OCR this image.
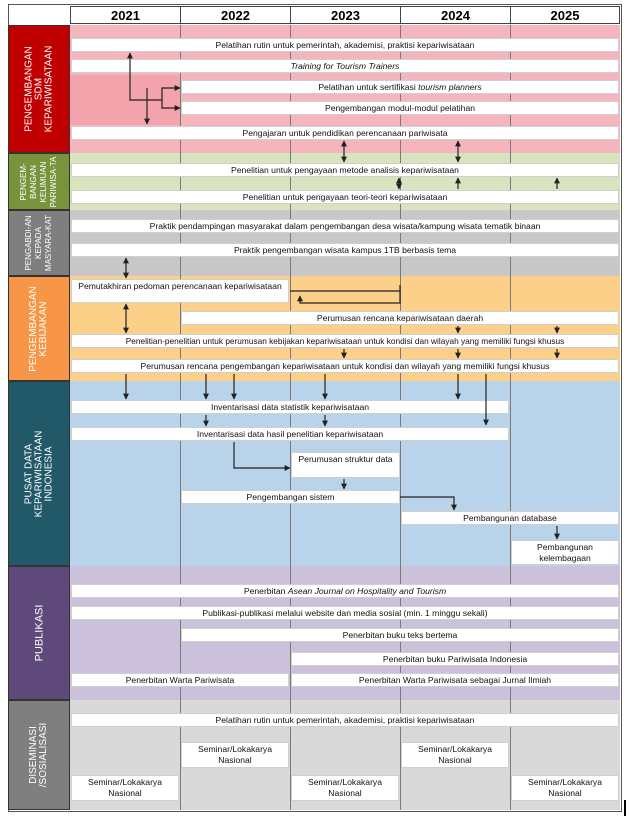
2021	2022	2023	2024	2025
PENGEMBANGAN SDM KEPARIWISATAAN
PENGEM-BANGAN KELIMUAN PARIWISA-TA
PENGABDI-AN KEPADA MASYARA-KAT
PENGEMBANGAN KEBIJAKAN
PUSAT DATA KEPARIWISATAAN INDONESIA
PUBLIKASI
DISEMINASI /SOSIALISASI
Pelatihan rutin untuk pemerintah, akademisi, praktisi kepariwisataan
Training for Tourism Trainers
Pelatihan untuk sertifikasi tourism planners
Pengembangan modul-modul pelatihan
Pengajaran untuk pendidikan perencanaan pariwisata
Penelitian untuk pengayaan metode analisis kepariwisataan
Penelitian untuk pengayaan teori-teori kepariwisataan
Praktik pendampingan masyarakat dalam pengembangan desa wisata/kampung wisata tematik binaan
Praktik pengembangan wisata kampus 1TB berbasis tema
Pemutakhiran pedoman perencanaan kepariwisataan
Perumusan rencana kepariwisataan daerah
Penelitian-penelitian untuk perumusan kebijakan kepariwisataan untuk kondisi dan wilayah yang memiliki fungsi khusus
Perumusan rencana pengembangan kepariwisataan untuk kondisi dan wilayah yang memiliki fungsi khusus
Inventarisasi data statistik kepariwisataan
Inventarisasi data hasil penelitian kepariwisataan
Perumusan struktur data
Pengembangan sistem
Pembangunan database
Pembangunan kelembagaan
Penerbitan Asean Journal on Hospitality and Tourism
Publikasi-publikasi melalui website dan media sosial (min. 1 minggu sekali)
Penerbitan buku teks bertema
Penerbitan buku Pariwisata Indonesia
Penerbitan Warta Pariwisata	Penerbitan Warta Pariwisata sebagai Jurnal Ilmiah
Pelatihan rutin untuk pemerintah, akademisi, praktisi kepariwisataan
Seminar/Lokakarya Nasional
Seminar/Lokakarya Nasional
Seminar/Lokakarya Nasional
Seminar/Lokakarya Nasional
Seminar/Lokakarya Nasional
